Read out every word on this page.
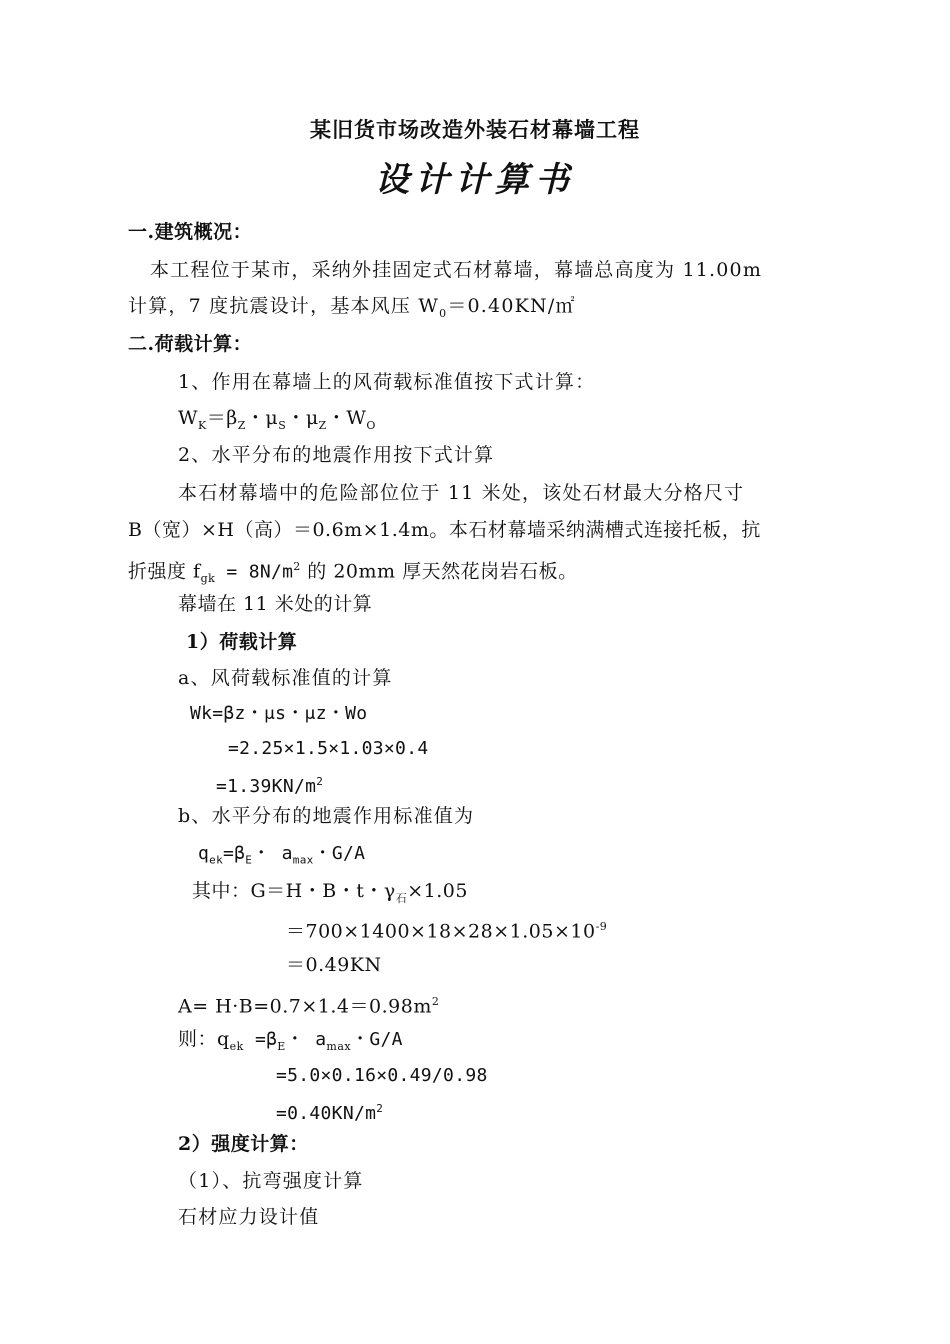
某旧货市场改造外装石材幕墙工程
设计计算书
一.建筑概况：
本工程位于某市，采纳外挂固定式石材幕墙，幕墙总高度为 11.00m
计算，7 度抗震设计，基本风压 $W_0=0.40KN/㎡$
二.荷载计算：
1、作用在幕墙上的风荷载标准值按下式计算：
$W_K=\beta_Z$・$\mu_S$・$\mu_Z$・$W_O$
2、水平分布的地震作用按下式计算
本石材幕墙中的危险部位位于 11 米处，该处石材最大分格尺寸
B（宽）×H（高）＝0.6m×1.4m。本石材幕墙采纳满槽式连接托板，抗
折强度 $f_{gk} = 8N/m^2$ 的 20mm 厚天然花岗岩石板。
幕墙在 11 米处的计算
1）荷载计算
a、风荷载标准值的计算
Wk=βz・μs・μz・Wo
=2.25×1.5×1.03×0.4
$=1.39KN/m^2$
b、水平分布的地震作用标准值为
$q_{ek}=\beta_E$・ $a_{max}$・G/A
其中：G＝H・B・t・$\gamma_石\times 1.05$
$=700\times 1400\times 18\times 28\times 1.05\times 10^{-9}$
＝0.49KN
$A= H\cdot B=0.7\times 1.4=0.98m^2$
则：$q_{ek} =\beta_E$・ $a_{max}$・G/A
=5.0×0.16×0.49/0.98
$=0.40KN/m^2$
2）强度计算：
（1）、抗弯强度计算
石材应力设计值
